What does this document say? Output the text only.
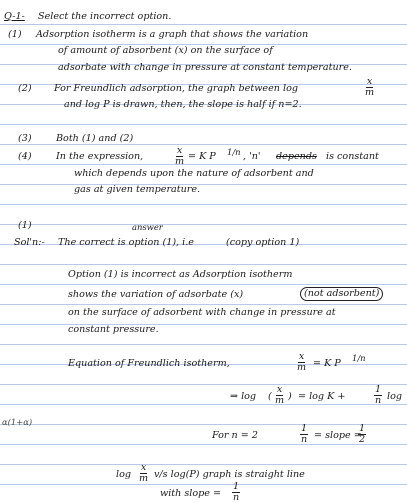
Q-1- Select the incorrect option.
(1) Adsorption isotherm is a graph that shows the variation
of amount of absorbent (x) on the surface of
adsorbate with change in pressure at constant temperature.
(2) For Freundlich adsorption, the graph between log	$\frac{x}{m}$
and log P is drawn, then, the slope is half if n=2.
(3)	Both (1) and (2)
(4)	In the expression,	$\frac{x}{m} = K$ P 1/n , 'n' depends is constant
which depends upon the nature of adsorbent and
gas at given temperature.
(1)	answer
Sol'n:- The correct is option (1), i.e	(copy option 1)
Option (1) is incorrect as Adsorption isotherm
shows the variation of adsorbate (x)	(not adsorbent)
on the surface of adsorbent with change in pressure at
constant pressure.
Equation of Freundlich isotherm,	$\frac{x}{m} = K$ P 1/n
⇒ log ( $\frac{x}{m}$ ) = log K +	$\frac{1}{n}$ log
ɑ(1+ɑ)
For n = 2	$\frac{1}{n}$ = slope =
$\frac{1}{2}$
$\log \frac{x}{m} v/s$ log(P) graph is straight line
with slope = $\frac{1}{n}$
